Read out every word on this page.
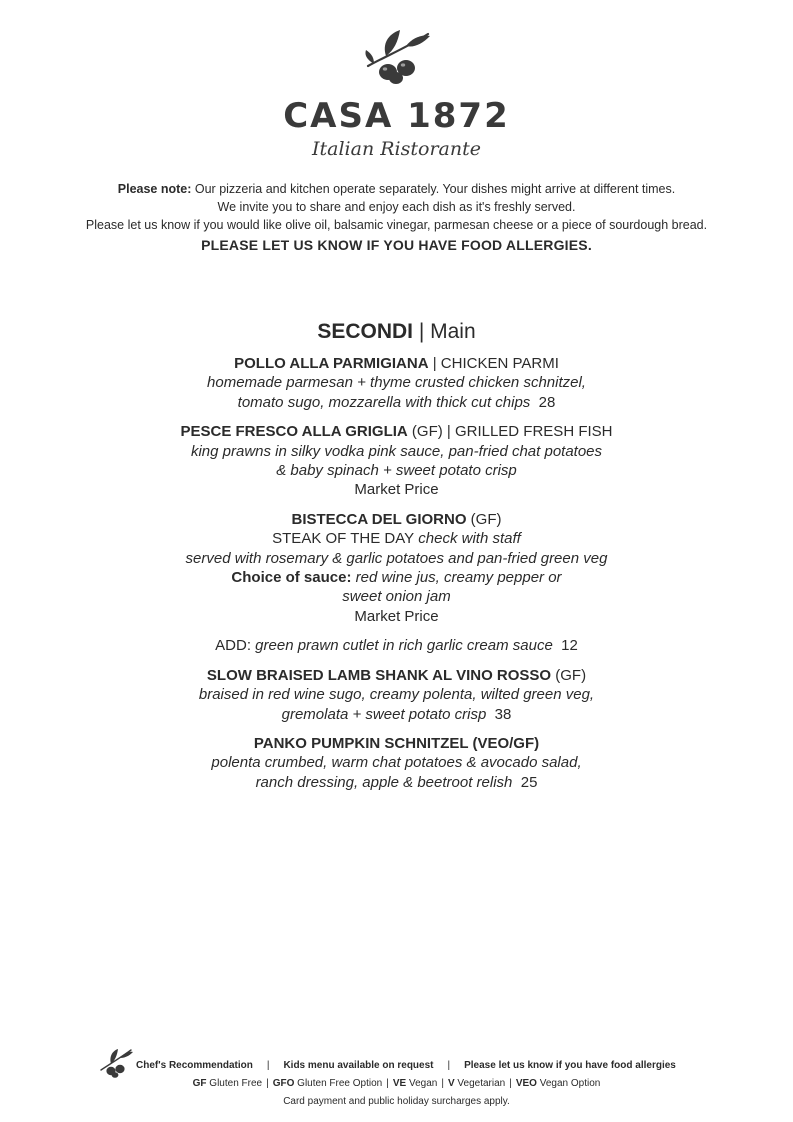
CASA 1872
Italian Ristorante
Please note: Our pizzeria and kitchen operate separately. Your dishes might arrive at different times.
We invite you to share and enjoy each dish as it's freshly served.
Please let us know if you would like olive oil, balsamic vinegar, parmesan cheese or a piece of sourdough bread.
PLEASE LET US KNOW IF YOU HAVE FOOD ALLERGIES.
SECONDI | Main
POLLO ALLA PARMIGIANA | CHICKEN PARMI
homemade parmesan + thyme crusted chicken schnitzel,
tomato sugo, mozzarella with thick cut chips 28
PESCE FRESCO ALLA GRIGLIA (GF) | GRILLED FRESH FISH
king prawns in silky vodka pink sauce, pan-fried chat potatoes
& baby spinach + sweet potato crisp
Market Price
BISTECCA DEL GIORNO (GF)
STEAK OF THE DAY check with staff
served with rosemary & garlic potatoes and pan-fried green veg
Choice of sauce: red wine jus, creamy pepper or
sweet onion jam
Market Price
ADD: green prawn cutlet in rich garlic cream sauce 12
SLOW BRAISED LAMB SHANK AL VINO ROSSO (GF)
braised in red wine sugo, creamy polenta, wilted green veg,
gremolata + sweet potato crisp 38
PANKO PUMPKIN SCHNITZEL (VEO/GF)
polenta crumbed, warm chat potatoes & avocado salad,
ranch dressing, apple & beetroot relish 25
Chef's Recommendation | Kids menu available on request | Please let us know if you have food allergies
GF Gluten Free | GFO Gluten Free Option | VE Vegan | V Vegetarian | VEO Vegan Option
Card payment and public holiday surcharges apply.
